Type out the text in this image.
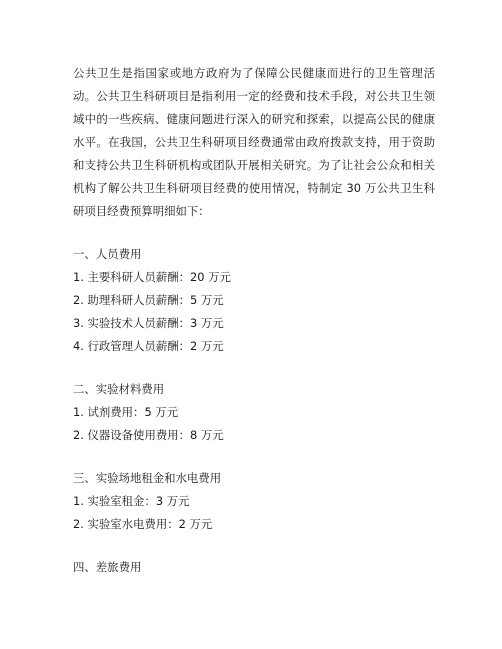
公共卫生是指国家或地方政府为了保障公民健康而进行的卫生管理活动。公共卫生科研项目是指利用一定的经费和技术手段，对公共卫生领域中的一些疾病、健康问题进行深入的研究和探索，以提高公民的健康水平。在我国，公共卫生科研项目经费通常由政府拨款支持，用于资助和支持公共卫生科研机构或团队开展相关研究。为了让社会公众和相关机构了解公共卫生科研项目经费的使用情况，特制定 30 万公共卫生科研项目经费预算明细如下：

一、人员费用

1. 主要科研人员薪酬：20 万元

2. 助理科研人员薪酬：5 万元

3. 实验技术人员薪酬：3 万元

4. 行政管理人员薪酬：2 万元

二、实验材料费用

1. 试剂费用：5 万元

2. 仪器设备使用费用：8 万元

三、实验场地租金和水电费用

1. 实验室租金：3 万元

2. 实验室水电费用：2 万元

四、差旅费用
